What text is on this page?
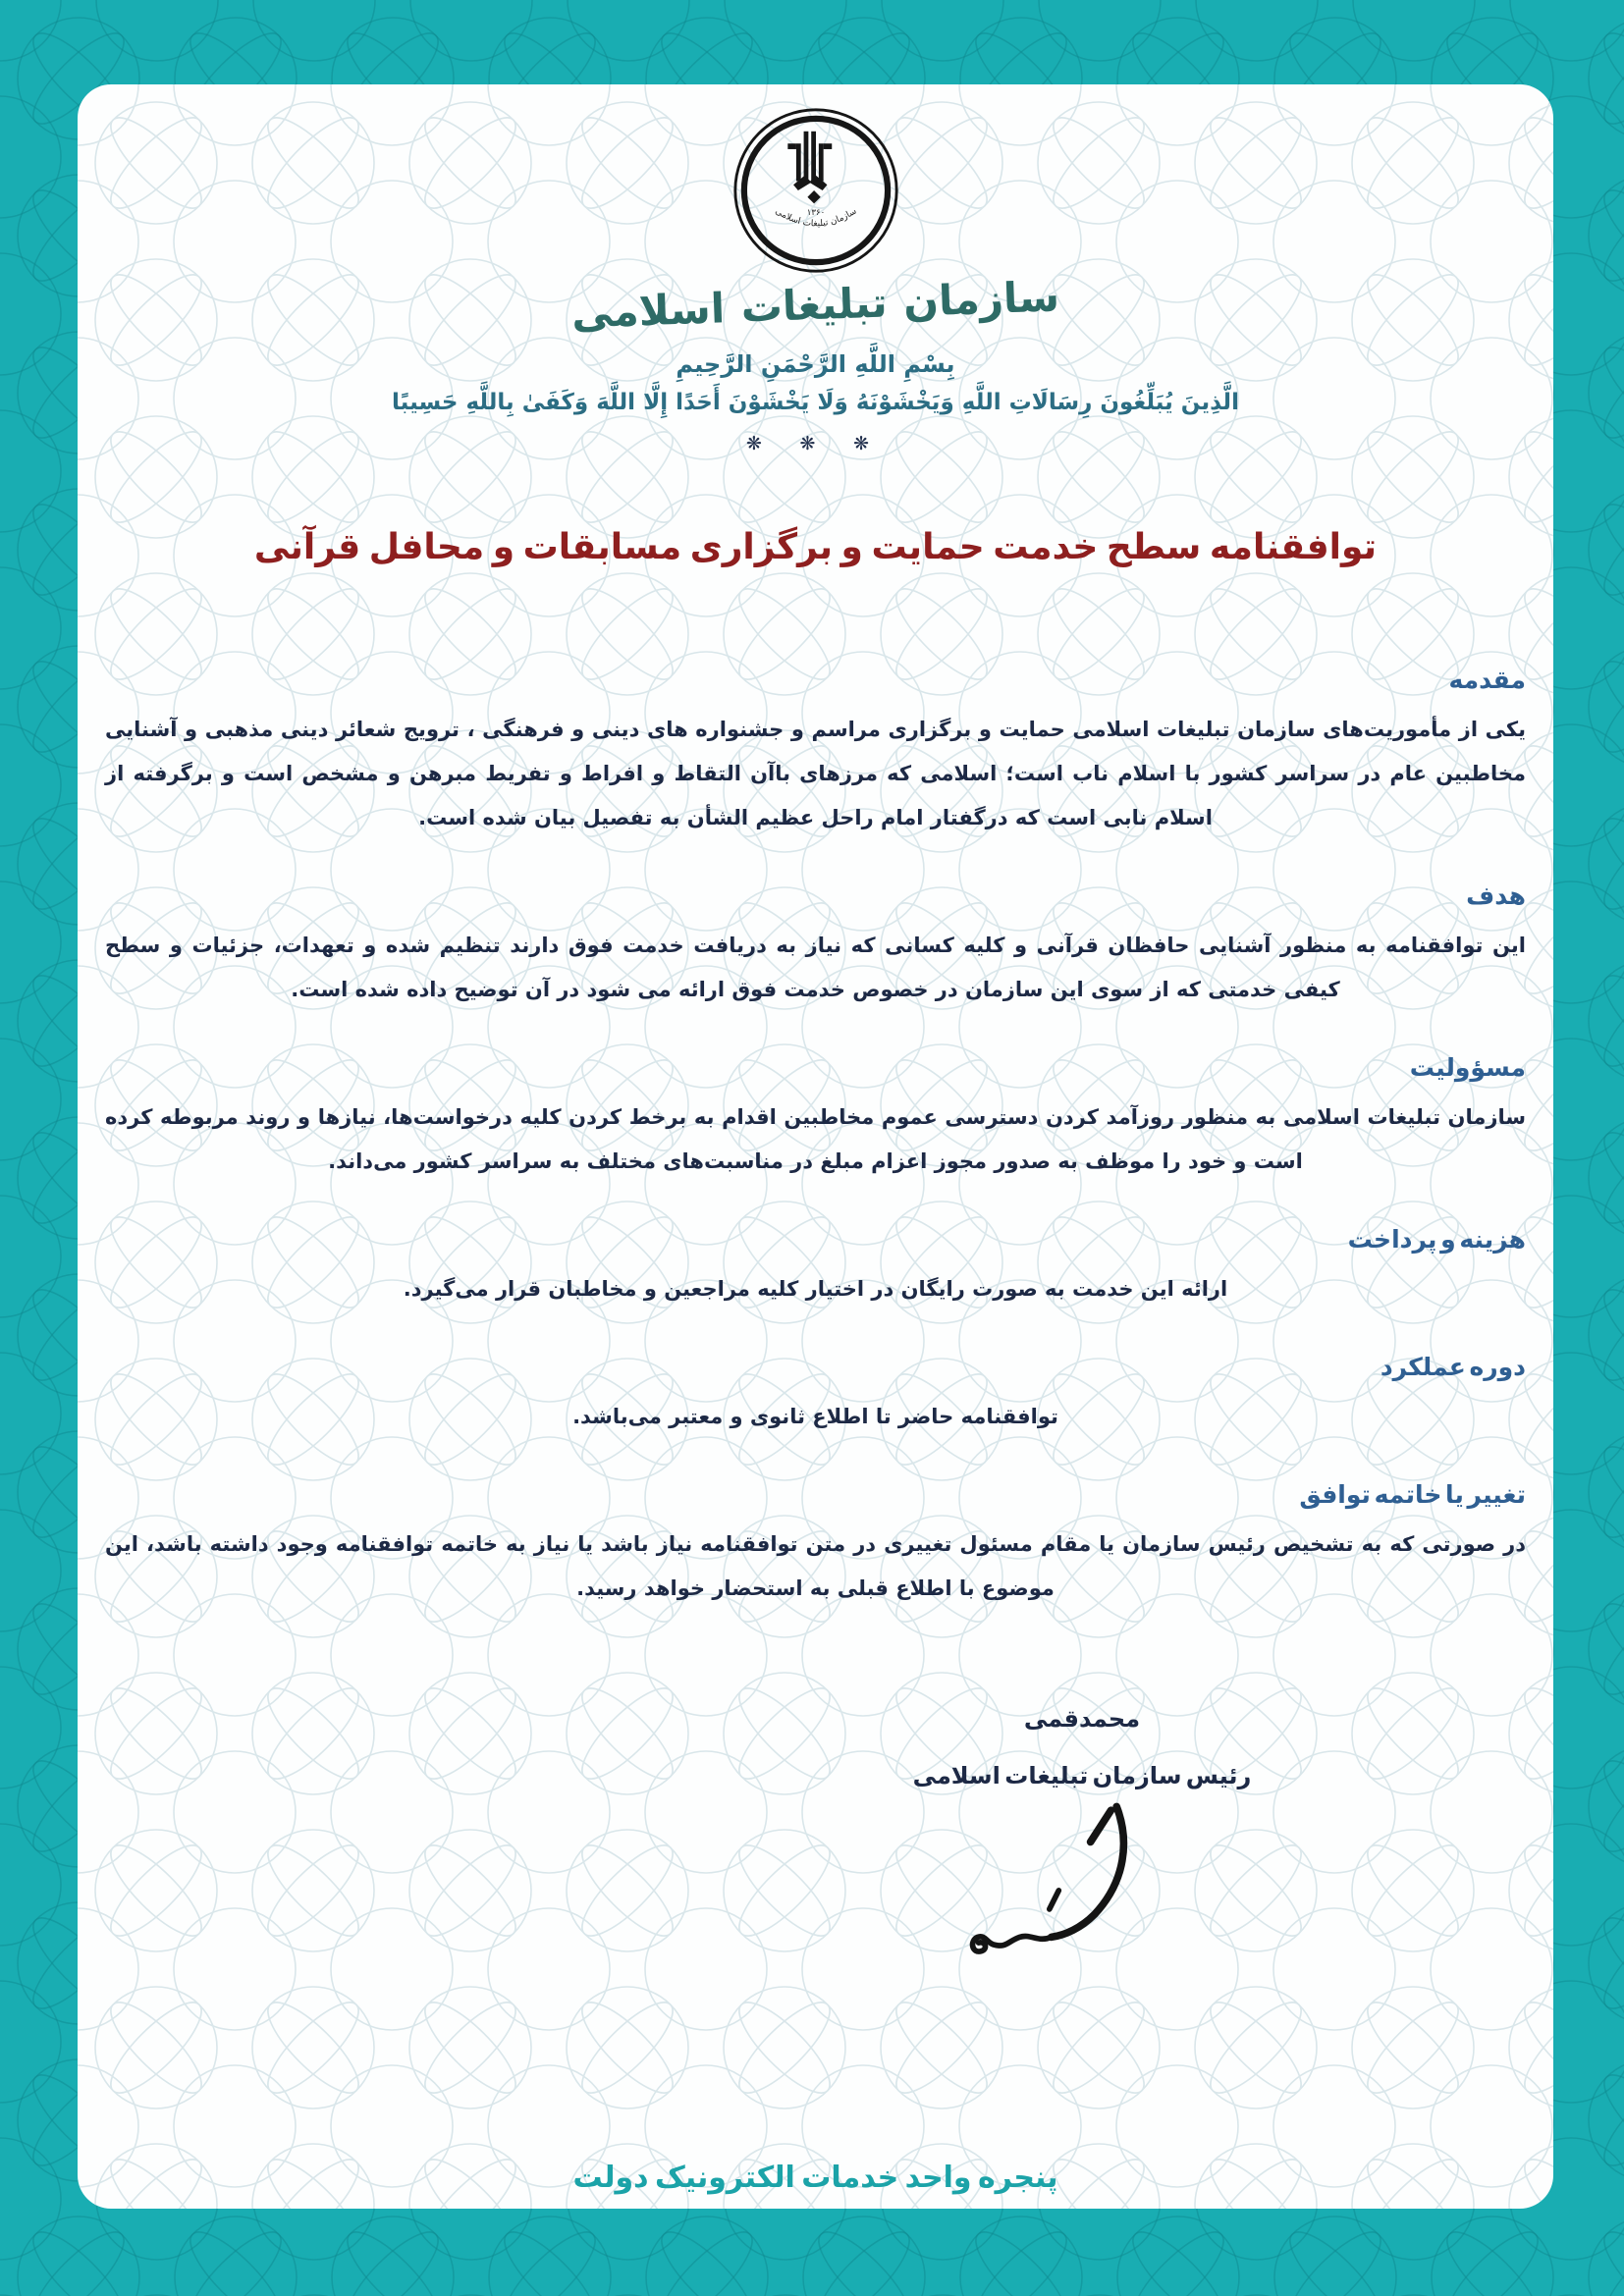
۱۳۶۰
سازمان تبلیغات اسلامی
سازمان تبلیغات اسلامی
بِسْمِ اللَّهِ الرَّحْمَنِ الرَّحِيمِ
الَّذِينَ يُبَلِّغُونَ رِسَالَاتِ اللَّهِ وَيَخْشَوْنَهُ وَلَا يَخْشَوْنَ أَحَدًا إِلَّا اللَّهَ وَكَفَىٰ بِاللَّهِ حَسِيبًا
❋ ❋ ❋
توافقنامه سطح خدمت حمایت و برگزاری مسابقات و محافل قرآنی
مقدمه

یکی از مأموریت‌های سازمان تبلیغات اسلامی حمایت و برگزاری مراسم و جشنواره های دینی و فرهنگی ، ترویج شعائر دینی مذهبی و آشنایی مخاطبین عام در سراسر کشور با اسلام ناب است؛ اسلامی که مرزهای باآن التقاط و افراط و تفریط مبرهن و مشخص است و برگرفته از اسلام نابی است که درگفتار امام راحل عظیم الشأن به تفصیل بیان شده است.

هدف

این توافقنامه به منظور آشنایی حافظان قرآنی و کلیه کسانی که نیاز به دریافت خدمت فوق دارند تنظیم شده و تعهدات، جزئیات و سطح کیفی خدمتی که از سوی این سازمان در خصوص خدمت فوق ارائه می شود در آن توضیح داده شده است.

مسؤولیت

سازمان تبلیغات اسلامی به منظور روزآمد کردن دسترسی عموم مخاطبین اقدام به برخط کردن کلیه درخواست‌ها، نیازها و روند مربوطه کرده است و خود را موظف به صدور مجوز اعزام مبلغ در مناسبت‌های مختلف به سراسر کشور می‌داند.

هزینه و پرداخت

ارائه این خدمت به صورت رایگان در اختیار کلیه مراجعین و مخاطبان قرار می‌گیرد.

دوره عملکرد

توافقنامه حاضر تا اطلاع ثانوی و معتبر می‌باشد.

تغییر یا خاتمه توافق

در صورتی که به تشخیص رئیس سازمان یا مقام مسئول تغییری در متن توافقنامه نیاز باشد یا نیاز به خاتمه توافقنامه وجود داشته باشد، این موضوع با اطلاع قبلی به استحضار خواهد رسید.

محمدقمی
رئیس سازمان تبلیغات اسلامی
پنجره واحد خدمات الکترونیک دولت
